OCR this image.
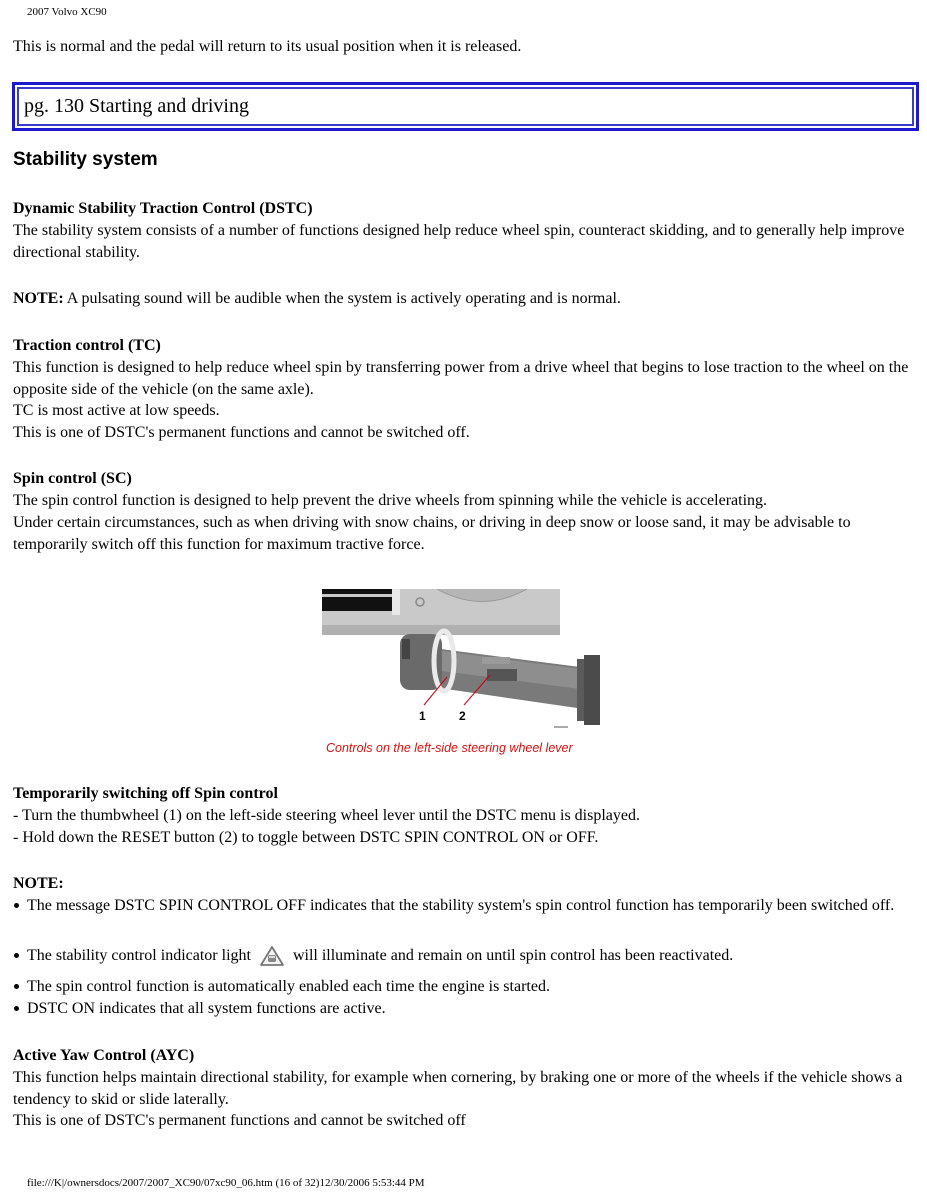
2007 Volvo XC90

This is normal and the pedal will return to its usual position when it is released.

pg. 130 Starting and driving
Stability system
Dynamic Stability Traction Control (DSTC)

The stability system consists of a number of functions designed help reduce wheel spin, counteract skidding, and to generally help improve directional stability.

NOTE: A pulsating sound will be audible when the system is actively operating and is normal.

Traction control (TC)

This function is designed to help reduce wheel spin by transferring power from a drive wheel that begins to lose traction to the wheel on the opposite side of the vehicle (on the same axle).

TC is most active at low speeds.

This is one of DSTC's permanent functions and cannot be switched off.

Spin control (SC)

The spin control function is designed to help prevent the drive wheels from spinning while the vehicle is accelerating.

Under certain circumstances, such as when driving with snow chains, or driving in deep snow or loose sand, it may be advisable to temporarily switch off this function for maximum tractive force.

1	2
Controls on the left-side steering wheel lever
Temporarily switching off Spin control

- Turn the thumbwheel (1) on the left-side steering wheel lever until the DSTC menu is displayed.

- Hold down the RESET button (2) to toggle between DSTC SPIN CONTROL ON or OFF.

NOTE:
The message DSTC SPIN CONTROL OFF indicates that the stability system's spin control function has temporarily been switched off.
The stability control indicator light will illuminate and remain on until spin control has been reactivated.
The spin control function is automatically enabled each time the engine is started.
DSTC ON indicates that all system functions are active.
Active Yaw Control (AYC)

This function helps maintain directional stability, for example when cornering, by braking one or more of the wheels if the vehicle shows a tendency to skid or slide laterally.

This is one of DSTC's permanent functions and cannot be switched off

file:///K|/ownersdocs/2007/2007_XC90/07xc90_06.htm (16 of 32)12/30/2006 5:53:44 PM
